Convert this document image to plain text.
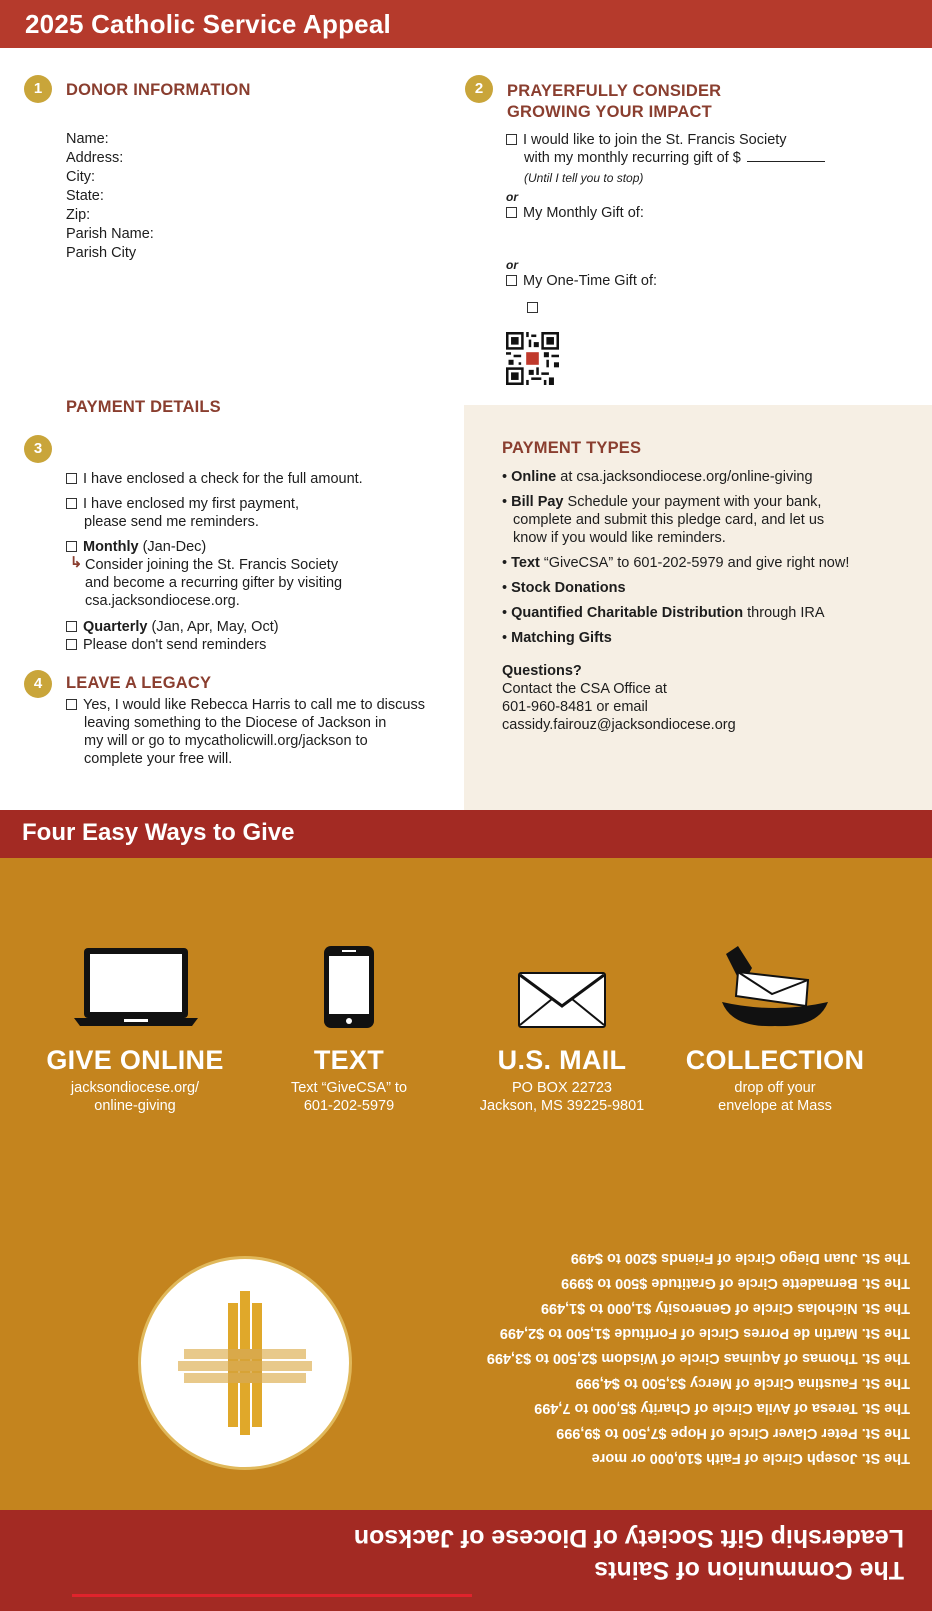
2025 Catholic Service Appeal
1	DONOR INFORMATION
Name:
Address:
City:
State:
Zip:
Parish Name:
Parish City
2	PRAYERFULLY CONSIDER
GROWING YOUR IMPACT
I would like to join the St. Francis Society
with my monthly recurring gift of $
(Until I tell you to stop)
or
My Monthly Gift of:
or
My One-Time Gift of:
PAYMENT DETAILS
3
I have enclosed a check for the full amount.
I have enclosed my first payment,
please send me reminders.
Monthly (Jan-Dec)
↳ Consider joining the St. Francis Society
and become a recurring gifter by visiting
csa.jacksondiocese.org.
Quarterly (Jan, Apr, May, Oct)
Please don't send reminders
4	LEAVE A LEGACY
Yes, I would like Rebecca Harris to call me to discuss
leaving something to the Diocese of Jackson in
my will or go to mycatholicwill.org/jackson to
complete your free will.
PAYMENT TYPES
• Online at csa.jacksondiocese.org/online-giving
• Bill Pay Schedule your payment with your bank,
complete and submit this pledge card, and let us
know if you would like reminders.
• Text “GiveCSA” to 601-202-5979 and give right now!
• Stock Donations
• Quantified Charitable Distribution through IRA
• Matching Gifts
Questions?
Contact the CSA Office at
601-960-8481 or email
cassidy.fairouz@jacksondiocese.org
Four Easy Ways to Give
GIVE ONLINE
jacksondiocese.org/
online-giving
TEXT
Text “GiveCSA” to
601-202-5979
U.S. MAIL
PO BOX 22723
Jackson, MS 39225-9801
COLLECTION
drop off your
envelope at Mass
The St. Joseph Circle of Faith $10,000 or more
The St. Peter Claver Circle of Hope $7,500 to $9,999
The St. Teresa of Avila Circle of Charity $5,000 to 7,499
The St. Faustina Circle of Mercy $3,500 to $4,999
The St. Thomas of Aquinas Circle of Wisdom $2,500 to $3,499
The St. Martin de Porres Circle of Fortitude $1,500 to $2,499
The St. Nicholas Circle of Generosity $1,000 to $1,499
The St. Bernadette Circle of Gratitude $500 to $999
The St. Juan Diego Circle of Friends $200 to $499
The Communion of Saints
Leadership Gift Society of Diocese of Jackson
